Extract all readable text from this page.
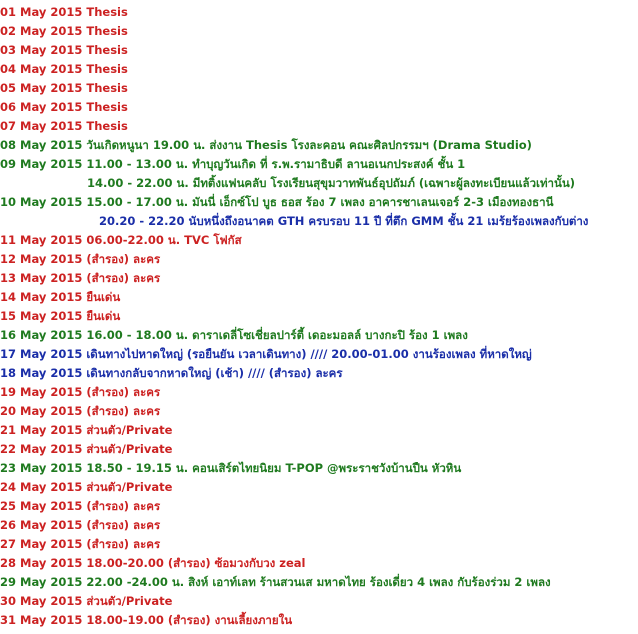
01 May 2015 Thesis
02 May 2015 Thesis
03 May 2015 Thesis
04 May 2015 Thesis
05 May 2015 Thesis
06 May 2015 Thesis
07 May 2015 Thesis
08 May 2015 วันเกิดหนูนา 19.00 น. ส่งงาน Thesis โรงละคอน คณะศิลปกรรมฯ (Drama Studio)
09 May 2015 11.00 - 13.00 น. ทำบุญวันเกิด ที่ ร.พ.รามาธิบดี ลานอเนกประสงค์ ชั้น 1
14.00 - 22.00 น. มีทติ้งแฟนคลับ โรงเรียนสุขุมวาทพันธ์อุปถัมภ์ (เฉพาะผู้ลงทะเบียนแล้วเท่านั้น)
10 May 2015 15.00 - 17.00 น. มันนี่ เอ็กซ์โป บูธ ธอส ร้อง 7 เพลง อาคารชาเลนเจอร์ 2-3 เมืองทองธานี
20.20 - 22.20 นับหนึ่งถึงอนาคต GTH ครบรอบ 11 ปี ที่ตึก GMM ชั้น 21 เมร้ยร้องเพลงกับต่าง
11 May 2015 06.00-22.00 น. TVC โฟกัส
12 May 2015 (สำรอง) ละคร
13 May 2015 (สำรอง) ละคร
14 May 2015 ยืนเด่น
15 May 2015 ยืนเด่น
16 May 2015 16.00 - 18.00 น. ดาราเดลี่โซเชี่ยลปาร์ตี้ เดอะมอลล์ บางกะปิ ร้อง 1 เพลง
17 May 2015 เดินทางไปหาดใหญ่ (รอยืนยัน เวลาเดินทาง) //// 20.00-01.00 งานร้องเพลง ที่หาดใหญ่
18 May 2015 เดินทางกลับจากหาดใหญ่ (เช้า) //// (สำรอง) ละคร
19 May 2015 (สำรอง) ละคร
20 May 2015 (สำรอง) ละคร
21 May 2015 ส่วนตัว/Private
22 May 2015 ส่วนตัว/Private
23 May 2015 18.50 - 19.15 น. คอนเสิร์ตไทยนิยม T-POP @พระราชวังบ้านปืน หัวหิน
24 May 2015 ส่วนตัว/Private
25 May 2015 (สำรอง) ละคร
26 May 2015 (สำรอง) ละคร
27 May 2015 (สำรอง) ละคร
28 May 2015 18.00-20.00 (สำรอง) ซ้อมวงกับวง zeal
29 May 2015 22.00 -24.00 น. สิงห์ เอาท์เลท ร้านสวนเส มหาดไทย ร้องเดี่ยว 4 เพลง กับร้องร่วม 2 เพลง
30 May 2015 ส่วนตัว/Private
31 May 2015 18.00-19.00 (สำรอง) งานเลี้ยงภายใน
